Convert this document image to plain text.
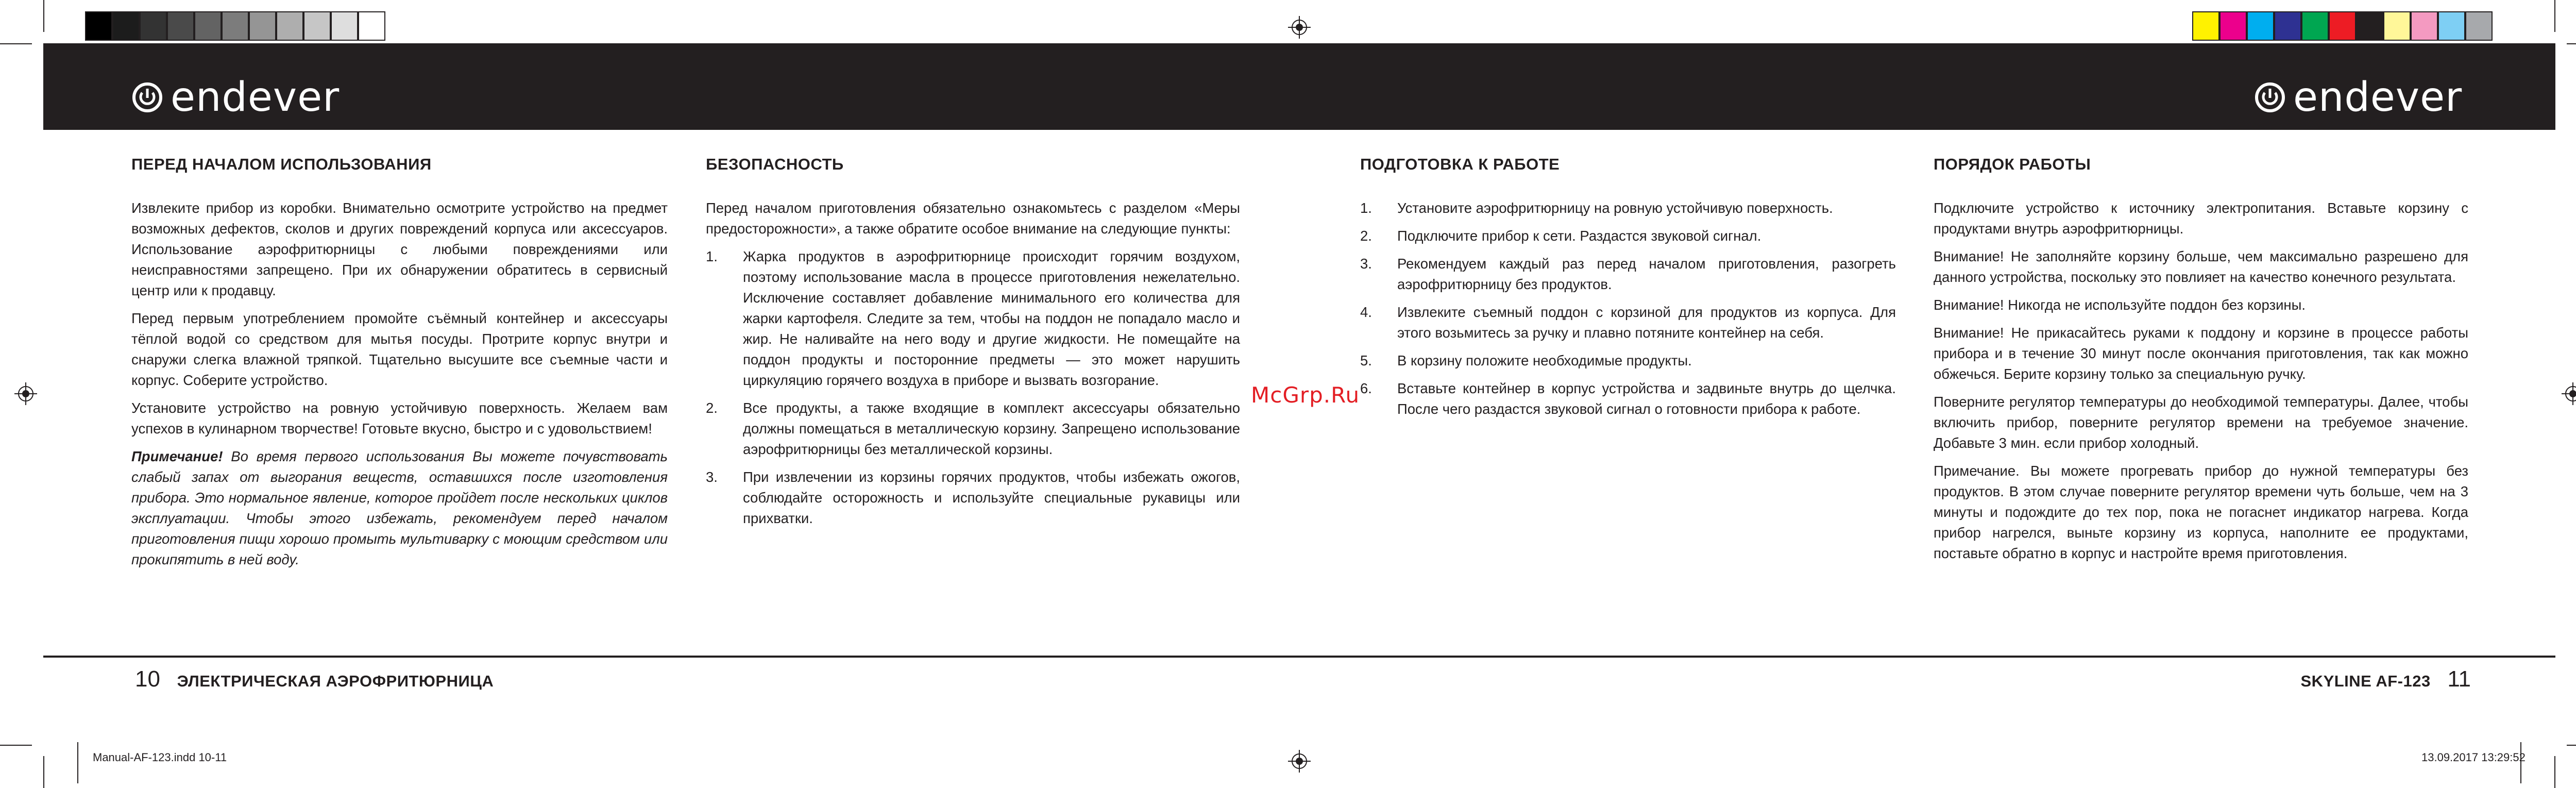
endever	endever
ПЕРЕД НАЧАЛОМ ИСПОЛЬЗОВАНИЯ

Извлеките прибор из коробки. Внимательно осмотрите устройство на предмет возможных дефектов, сколов и других повреждений корпуса или аксессуаров. Использование аэрофритюрницы с любыми повреждениями или неисправностями запрещено. При их обнаружении обратитесь в сервисный центр или к продавцу.

Перед первым употреблением промойте съёмный контейнер и аксессуары тёплой водой со средством для мытья посуды. Протрите корпус внутри и снаружи слегка влажной тряпкой. Тщательно высушите все съемные части и корпус. Соберите устройство.

Установите устройство на ровную устойчивую поверхность. Желаем вам успехов в кулинарном творчестве! Готовьте вкусно, быстро и с удовольствием!

Примечание! Во время первого использования Вы можете почувствовать слабый запах от выгорания веществ, оставшихся после изготовления прибора. Это нормальное явление, которое пройдет после нескольких циклов эксплуатации. Чтобы этого избежать, рекомендуем перед началом приготовления пищи хорошо промыть мультиварку с моющим средством или прокипятить в ней воду.

БЕЗОПАСНОСТЬ

Перед началом приготовления обязательно ознакомьтесь с разделом «Меры предосторожности», а также обратите особое внимание на следующие пункты:

1. Жарка продуктов в аэрофритюрнице происходит горячим воздухом, поэтому использование масла в процессе приготовления нежелательно. Исключение составляет добавление минимального его количества для жарки картофеля. Следите за тем, чтобы на поддон не попадало масло и жир. Не наливайте на него воду и другие жидкости. Не помещайте на поддон продукты и посторонние предметы — это может нарушить циркуляцию горячего воздуха в приборе и вызвать возгорание.
2. Все продукты, а также входящие в комплект аксессуары обязательно должны помещаться в металлическую корзину. Запрещено использование аэрофритюрницы без металлической корзины.
3. При извлечении из корзины горячих продуктов, чтобы избежать ожогов, соблюдайте осторожность и используйте специальные рукавицы или прихватки.
McGrp.Ru
ПОДГОТОВКА К РАБОТЕ
1. Установите аэрофритюрницу на ровную устойчивую поверхность.
2. Подключите прибор к сети. Раздастся звуковой сигнал.
3. Рекомендуем каждый раз перед началом приготовления, разогреть аэрофритюрницу без продуктов.
4. Извлеките съемный поддон с корзиной для продуктов из корпуса. Для этого возьмитесь за ручку и плавно потяните контейнер на себя.
5. В корзину положите необходимые продукты.
6. Вставьте контейнер в корпус устройства и задвиньте внутрь до щелчка. После чего раздастся звуковой сигнал о готовности прибора к работе.
ПОРЯДОК РАБОТЫ

Подключите устройство к источнику электропитания. Вставьте корзину с продуктами внутрь аэрофритюрницы.

Внимание! Не заполняйте корзину больше, чем максимально разрешено для данного устройства, поскольку это повлияет на качество конечного результата.

Внимание! Никогда не используйте поддон без корзины.

Внимание! Не прикасайтесь руками к поддону и корзине в процессе работы прибора и в течение 30 минут после окончания приготовления, так как можно обжечься. Берите корзину только за специальную ручку.

Поверните регулятор температуры до необходимой температуры. Далее, чтобы включить прибор, поверните регулятор времени на требуемое значение. Добавьте 3 мин. если прибор холодный.

Примечание. Вы можете прогревать прибор до нужной температуры без продуктов. В этом случае поверните регулятор времени чуть больше, чем на 3 минуты и подождите до тех пор, пока не погаснет индикатор нагрева. Когда прибор нагрелся, выньте корзину из корпуса, наполните ее продуктами, поставьте обратно в корпус и настройте время приготовления.

10 ЭЛЕКТРИЧЕСКАЯ АЭРОФРИТЮРНИЦА	SKYLINE AF-123 11
Manual-AF-123.indd 10-11	13.09.2017 13:29:52
